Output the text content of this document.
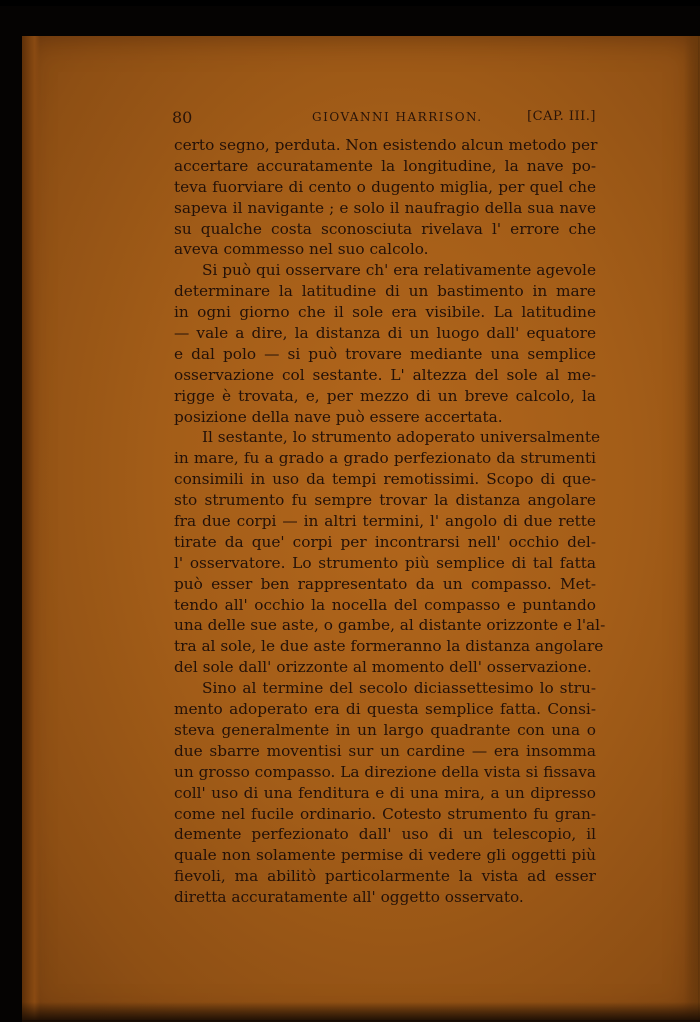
80	GIOVANNI HARRISON.	[CAP. III.]
certo segno, perduta. Non esistendo alcun metodo per
accertare accuratamente la longitudine, la nave po-
teva fuorviare di cento o dugento miglia, per quel che
sapeva il navigante ; e solo il naufragio della sua nave
su qualche costa sconosciuta rivelava l' errore che
aveva commesso nel suo calcolo.
Si può qui osservare ch' era relativamente agevole
determinare la latitudine di un bastimento in mare
in ogni giorno che il sole era visibile. La latitudine
— vale a dire, la distanza di un luogo dall' equatore
e dal polo — si può trovare mediante una semplice
osservazione col sestante. L' altezza del sole al me-
rigge è trovata, e, per mezzo di un breve calcolo, la
posizione della nave può essere accertata.
Il sestante, lo strumento adoperato universalmente
in mare, fu a grado a grado perfezionato da strumenti
consimili in uso da tempi remotissimi. Scopo di que-
sto strumento fu sempre trovar la distanza angolare
fra due corpi — in altri termini, l' angolo di due rette
tirate da que' corpi per incontrarsi nell' occhio del-
l' osservatore. Lo strumento più semplice di tal fatta
può esser ben rappresentato da un compasso. Met-
tendo all' occhio la nocella del compasso e puntando
una delle sue aste, o gambe, al distante orizzonte e l'al-
tra al sole, le due aste formeranno la distanza angolare
del sole dall' orizzonte al momento dell' osservazione.
Sino al termine del secolo diciassettesimo lo stru-
mento adoperato era di questa semplice fatta. Consi-
steva generalmente in un largo quadrante con una o
due sbarre moventisi sur un cardine — era insomma
un grosso compasso. La direzione della vista si fissava
coll' uso di una fenditura e di una mira, a un dipresso
come nel fucile ordinario. Cotesto strumento fu gran-
demente perfezionato dall' uso di un telescopio, il
quale non solamente permise di vedere gli oggetti più
fievoli, ma abilitò particolarmente la vista ad esser
diretta accuratamente all' oggetto osservato.
